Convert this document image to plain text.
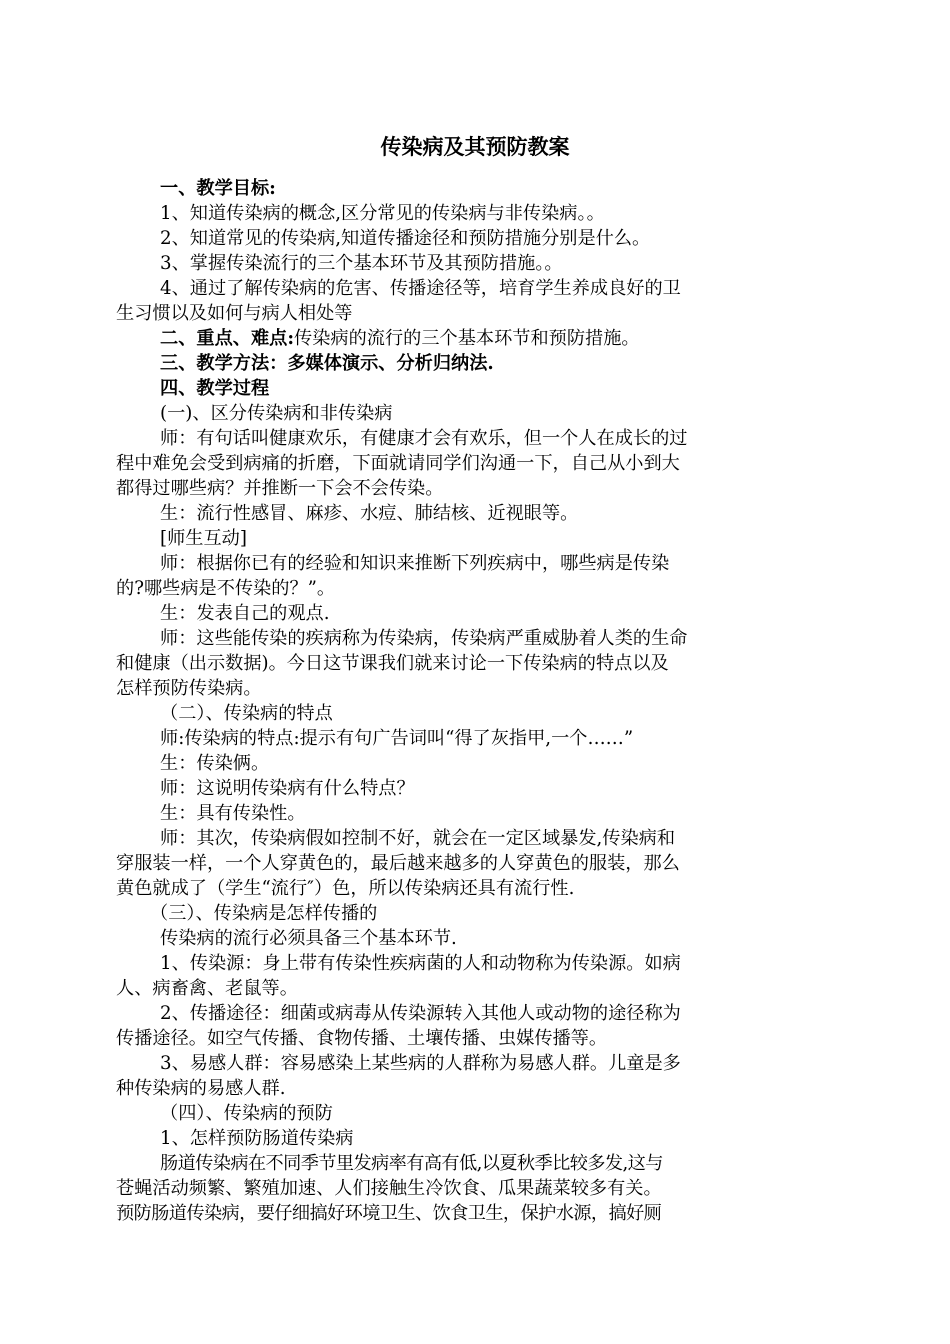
传染病及其预防教案
一、教学目标:
1、知道传染病的概念,区分常见的传染病与非传染病。。
2、知道常见的传染病,知道传播途径和预防措施分别是什么。
3、掌握传染流行的三个基本环节及其预防措施。。
4、通过了解传染病的危害、传播途径等，培育学生养成良好的卫
生习惯以及如何与病人相处等
二、重点、难点:传染病的流行的三个基本环节和预防措施。
三、教学方法：多媒体演示、分析归纳法.
四、教学过程
(一)、区分传染病和非传染病
师：有句话叫健康欢乐，有健康才会有欢乐，但一个人在成长的过
程中难免会受到病痛的折磨，下面就请同学们沟通一下，自己从小到大
都得过哪些病？并推断一下会不会传染。
生：流行性感冒、麻疹、水痘、肺结核、近视眼等。
[师生互动]
师：根据你已有的经验和知识来推断下列疾病中，哪些病是传染
的?哪些病是不传染的？”。
生：发表自己的观点.
师：这些能传染的疾病称为传染病，传染病严重威胁着人类的生命
和健康（出示数据)。今日这节课我们就来讨论一下传染病的特点以及
怎样预防传染病。
（二）、传染病的特点
师:传染病的特点:提示有句广告词叫“得了灰指甲,一个……”
生：传染俩。
师：这说明传染病有什么特点？
生：具有传染性。
师：其次，传染病假如控制不好，就会在一定区域暴发,传染病和
穿服装一样，一个人穿黄色的，最后越来越多的人穿黄色的服装，那么
黄色就成了（学生“流行″）色，所以传染病还具有流行性.
（三）、传染病是怎样传播的
传染病的流行必须具备三个基本环节.
1、传染源：身上带有传染性疾病菌的人和动物称为传染源。如病
人、病畜禽、老鼠等。
2、传播途径：细菌或病毒从传染源转入其他人或动物的途径称为
传播途径。如空气传播、食物传播、土壤传播、虫媒传播等。
3、易感人群：容易感染上某些病的人群称为易感人群。儿童是多
种传染病的易感人群.
（四）、传染病的预防
1、怎样预防肠道传染病
肠道传染病在不同季节里发病率有高有低,以夏秋季比较多发,这与
苍蝇活动频繁、繁殖加速、人们接触生冷饮食、瓜果蔬菜较多有关。
预防肠道传染病，要仔细搞好环境卫生、饮食卫生，保护水源，搞好厕
